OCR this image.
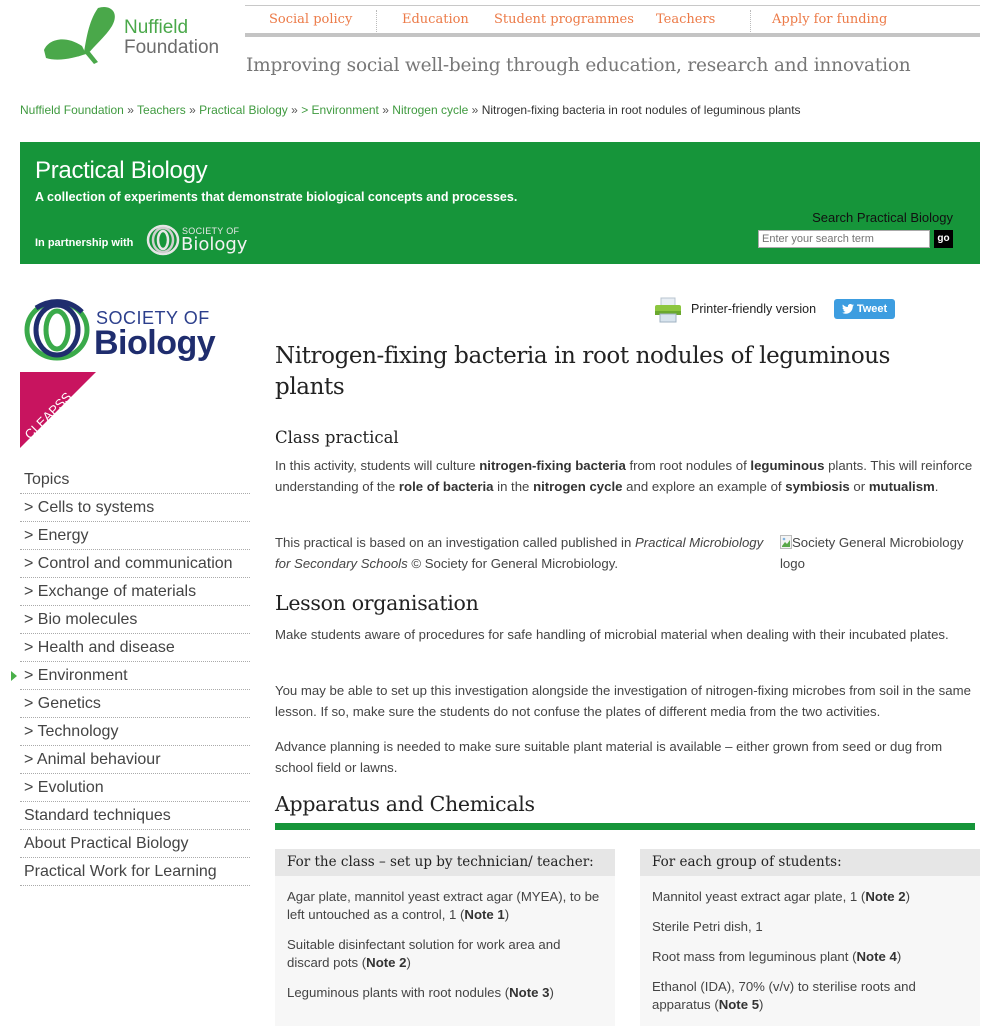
Nuffield
Foundation
Social policy	Education Student programmes Teachers	Apply for funding
Improving social well-being through education, research and innovation
Nuffield Foundation » Teachers » Practical Biology » > Environment » Nitrogen cycle » Nitrogen-fixing bacteria in root nodules of leguminous plants
Practical Biology
A collection of experiments that demonstrate biological concepts and processes.
In partnership with
SOCIETY OF
Biology
Search Practical Biology
Enter your search term
go
SOCIETY OF
Biology
CLEAPSS
Topics
> Cells to systems
> Energy
> Control and communication
> Exchange of materials
> Bio molecules
> Health and disease
> Environment
> Genetics
> Technology
> Animal behaviour
> Evolution
Standard techniques
About Practical Biology
Practical Work for Learning
Printer-friendly version	Tweet
Nitrogen-fixing bacteria in root nodules of leguminous plants
Class practical
In this activity, students will culture nitrogen-fixing bacteria from root nodules of leguminous plants. This will reinforce understanding of the role of bacteria in the nitrogen cycle and explore an example of symbiosis or mutualism.
This practical is based on an investigation called published in Practical Microbiology for Secondary Schools © Society for General Microbiology.
Society General Microbiology logo
Lesson organisation
Make students aware of procedures for safe handling of microbial material when dealing with their incubated plates.
You may be able to set up this investigation alongside the investigation of nitrogen-fixing microbes from soil in the same lesson. If so, make sure the students do not confuse the plates of different media from the two activities.
Advance planning is needed to make sure suitable plant material is available – either grown from seed or dug from school field or lawns.
Apparatus and Chemicals
For the class – set up by technician/ teacher:
Agar plate, mannitol yeast extract agar (MYEA), to be left untouched as a control, 1 (Note 1)
Suitable disinfectant solution for work area and discard pots (Note 2)
Leguminous plants with root nodules (Note 3)
For each group of students:
Mannitol yeast extract agar plate, 1 (Note 2)
Sterile Petri dish, 1
Root mass from leguminous plant (Note 4)
Ethanol (IDA), 70% (v/v) to sterilise roots and apparatus (Note 5)
